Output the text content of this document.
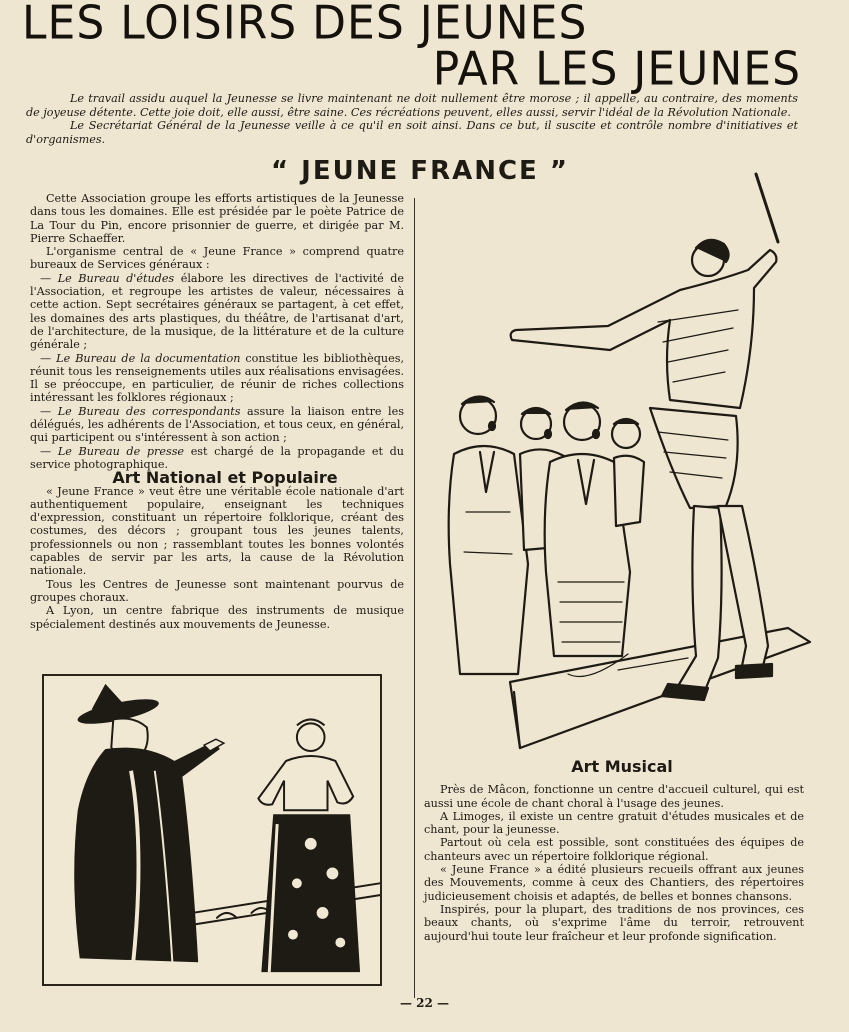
LES LOISIRS DES JEUNES
PAR LES JEUNES

Le travail assidu auquel la Jeunesse se livre maintenant ne doit nullement être morose ; il appelle, au contraire, des moments de joyeuse détente. Cette joie doit, elle aussi, être saine. Ces récréations peuvent, elles aussi, servir l'idéal de la Révolution Nationale.

Le Secrétariat Général de la Jeunesse veille à ce qu'il en soit ainsi. Dans ce but, il suscite et contrôle nombre d'initiatives et d'organismes.

“ JEUNE FRANCE ”

Cette Association groupe les efforts artistiques de la Jeunesse dans tous les domaines. Elle est présidée par le poète Patrice de La Tour du Pin, encore prisonnier de guerre, et dirigée par M. Pierre Schaeffer.

L'organisme central de « Jeune France » comprend quatre bureaux de Services généraux :

— Le Bureau d'études élabore les directives de l'activité de l'Association, et regroupe les artistes de valeur, nécessaires à cette action. Sept secrétaires généraux se partagent, à cet effet, les domaines des arts plastiques, du théâtre, de l'artisanat d'art, de l'architecture, de la musique, de la littérature et de la culture générale ;

— Le Bureau de la documentation constitue les bibliothèques, réunit tous les renseignements utiles aux réalisations envisagées. Il se préoccupe, en particulier, de réunir de riches collections intéressant les folklores régionaux ;

— Le Bureau des correspondants assure la liaison entre les délégués, les adhérents de l'Association, et tous ceux, en général, qui participent ou s'intéressent à son action ;

— Le Bureau de presse est chargé de la propagande et du service photographique.

Art National et Populaire

« Jeune France » veut être une véritable école nationale d'art authentiquement populaire, enseignant les techniques d'expression, constituant un répertoire folklorique, créant des costumes, des décors ; groupant tous les jeunes talents, professionnels ou non ; rassemblant toutes les bonnes volontés capables de servir par les arts, la cause de la Révolution nationale.

Tous les Centres de Jeunesse sont maintenant pourvus de groupes choraux.

A Lyon, un centre fabrique des instruments de musique spécialement destinés aux mouvements de Jeunesse.

Art Musical

Près de Mâcon, fonctionne un centre d'accueil culturel, qui est aussi une école de chant choral à l'usage des jeunes.

A Limoges, il existe un centre gratuit d'études musicales et de chant, pour la jeunesse.

Partout où cela est possible, sont constituées des équipes de chanteurs avec un répertoire folklorique régional.

« Jeune France » a édité plusieurs recueils offrant aux jeunes des Mouvements, comme à ceux des Chantiers, des répertoires judicieusement choisis et adaptés, de belles et bonnes chansons.

Inspirés, pour la plupart, des traditions de nos provinces, ces beaux chants, où s'exprime l'âme du terroir, retrouvent aujourd'hui toute leur fraîcheur et leur profonde signification.

— 22 —
